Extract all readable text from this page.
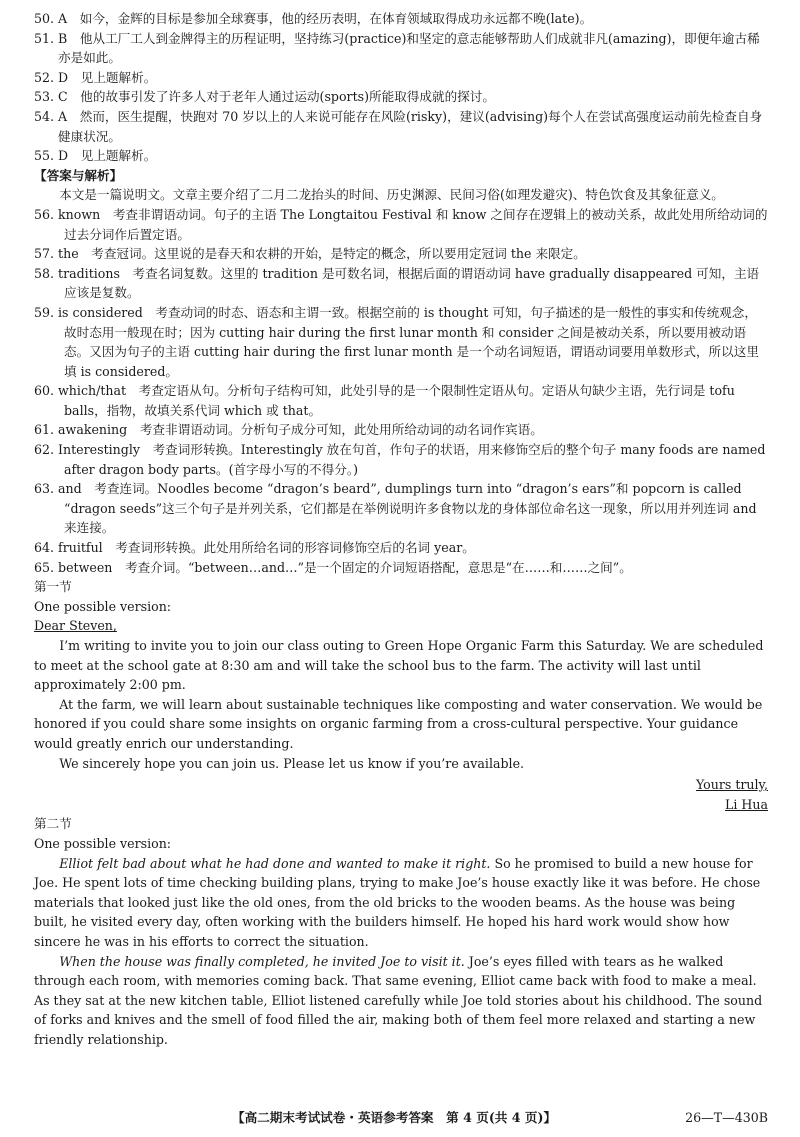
50. A　如今，金辉的目标是参加全球赛事，他的经历表明，在体育领域取得成功永远都不晚(late)。
51. B　他从工厂工人到金牌得主的历程证明，坚持练习(practice)和坚定的意志能够帮助人们成就非凡(amazing)，即便年逾古稀亦是如此。
52. D　见上题解析。
53. C　他的故事引发了许多人对于老年人通过运动(sports)所能取得成就的探讨。
54. A　然而，医生提醒，快跑对 70 岁以上的人来说可能存在风险(risky)，建议(advising)每个人在尝试高强度运动前先检查自身健康状况。
55. D　见上题解析。
【答案与解析】
本文是一篇说明文。文章主要介绍了二月二龙抬头的时间、历史渊源、民间习俗(如理发避灾)、特色饮食及其象征意义。
56. known　考查非谓语动词。句子的主语 The Longtaitou Festival 和 know 之间存在逻辑上的被动关系，故此处用所给动词的过去分词作后置定语。
57. the　考查冠词。这里说的是春天和农耕的开始，是特定的概念，所以要用定冠词 the 来限定。
58. traditions　考查名词复数。这里的 tradition 是可数名词，根据后面的谓语动词 have gradually disappeared 可知，主语应该是复数。
59. is considered　考查动词的时态、语态和主谓一致。根据空前的 is thought 可知，句子描述的是一般性的事实和传统观念，故时态用一般现在时；因为 cutting hair during the first lunar month 和 consider 之间是被动关系，所以要用被动语态。又因为句子的主语 cutting hair during the first lunar month 是一个动名词短语，谓语动词要用单数形式，所以这里填 is considered。
60. which/that　考查定语从句。分析句子结构可知，此处引导的是一个限制性定语从句。定语从句缺少主语，先行词是 tofu balls，指物，故填关系代词 which 或 that。
61. awakening　考查非谓语动词。分析句子成分可知，此处用所给动词的动名词作宾语。
62. Interestingly　考查词形转换。Interestingly 放在句首，作句子的状语，用来修饰空后的整个句子 many foods are named after dragon body parts。(首字母小写的不得分。)
63. and　考查连词。Noodles become “dragon’s beard”, dumplings turn into “dragon’s ears”和 popcorn is called “dragon seeds”这三个句子是并列关系，它们都是在举例说明许多食物以龙的身体部位命名这一现象，所以用并列连词 and 来连接。
64. fruitful　考查词形转换。此处用所给名词的形容词修饰空后的名词 year。
65. between　考查介词。“between…and…”是一个固定的介词短语搭配，意思是“在……和……之间”。
第一节
One possible version:
Dear Steven,
I’m writing to invite you to join our class outing to Green Hope Organic Farm this Saturday. We are scheduled to meet at the school gate at 8:30 am and will take the school bus to the farm. The activity will last until approximately 2:00 pm.
At the farm, we will learn about sustainable techniques like composting and water conservation. We would be honored if you could share some insights on organic farming from a cross-cultural perspective. Your guidance would greatly enrich our understanding.
We sincerely hope you can join us. Please let us know if you’re available.
Yours truly,
Li Hua
第二节
One possible version:
Elliot felt bad about what he had done and wanted to make it right. So he promised to build a new house for Joe. He spent lots of time checking building plans, trying to make Joe’s house exactly like it was before. He chose materials that looked just like the old ones, from the old bricks to the wooden beams. As the house was being built, he visited every day, often working with the builders himself. He hoped his hard work would show how sincere he was in his efforts to correct the situation.
When the house was finally completed, he invited Joe to visit it. Joe’s eyes filled with tears as he walked through each room, with memories coming back. That same evening, Elliot came back with food to make a meal. As they sat at the new kitchen table, Elliot listened carefully while Joe told stories about his childhood. The sound of forks and knives and the smell of food filled the air, making both of them feel more relaxed and starting a new friendly relationship.
【高二期末考试试卷・英语参考答案　第 4 页(共 4 页)】	26—T—430B
